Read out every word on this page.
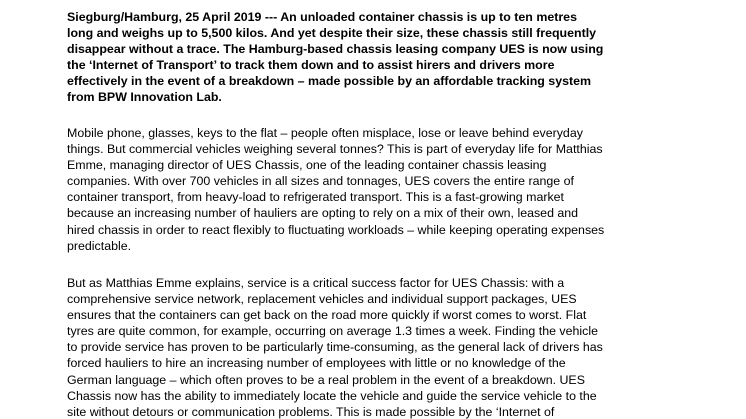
Siegburg/Hamburg, 25 April 2019 --- An unloaded container chassis is up to ten metres
long and weighs up to 5,500 kilos. And yet despite their size, these chassis still frequently
disappear without a trace. The Hamburg-based chassis leasing company UES is now using
the ‘Internet of Transport’ to track them down and to assist hirers and drivers more
effectively in the event of a breakdown – made possible by an affordable tracking system
from BPW Innovation Lab.

Mobile phone, glasses, keys to the flat – people often misplace, lose or leave behind everyday
things. But commercial vehicles weighing several tonnes? This is part of everyday life for Matthias
Emme, managing director of UES Chassis, one of the leading container chassis leasing
companies. With over 700 vehicles in all sizes and tonnages, UES covers the entire range of
container transport, from heavy-load to refrigerated transport. This is a fast-growing market
because an increasing number of hauliers are opting to rely on a mix of their own, leased and
hired chassis in order to react flexibly to fluctuating workloads – while keeping operating expenses
predictable.

But as Matthias Emme explains, service is a critical success factor for UES Chassis: with a
comprehensive service network, replacement vehicles and individual support packages, UES
ensures that the containers can get back on the road more quickly if worst comes to worst. Flat
tyres are quite common, for example, occurring on average 1.3 times a week. Finding the vehicle
to provide service has proven to be particularly time-consuming, as the general lack of drivers has
forced hauliers to hire an increasing number of employees with little or no knowledge of the
German language – which often proves to be a real problem in the event of a breakdown. UES
Chassis now has the ability to immediately locate the vehicle and guide the service vehicle to the
site without detours or communication problems. This is made possible by the ‘Internet of
